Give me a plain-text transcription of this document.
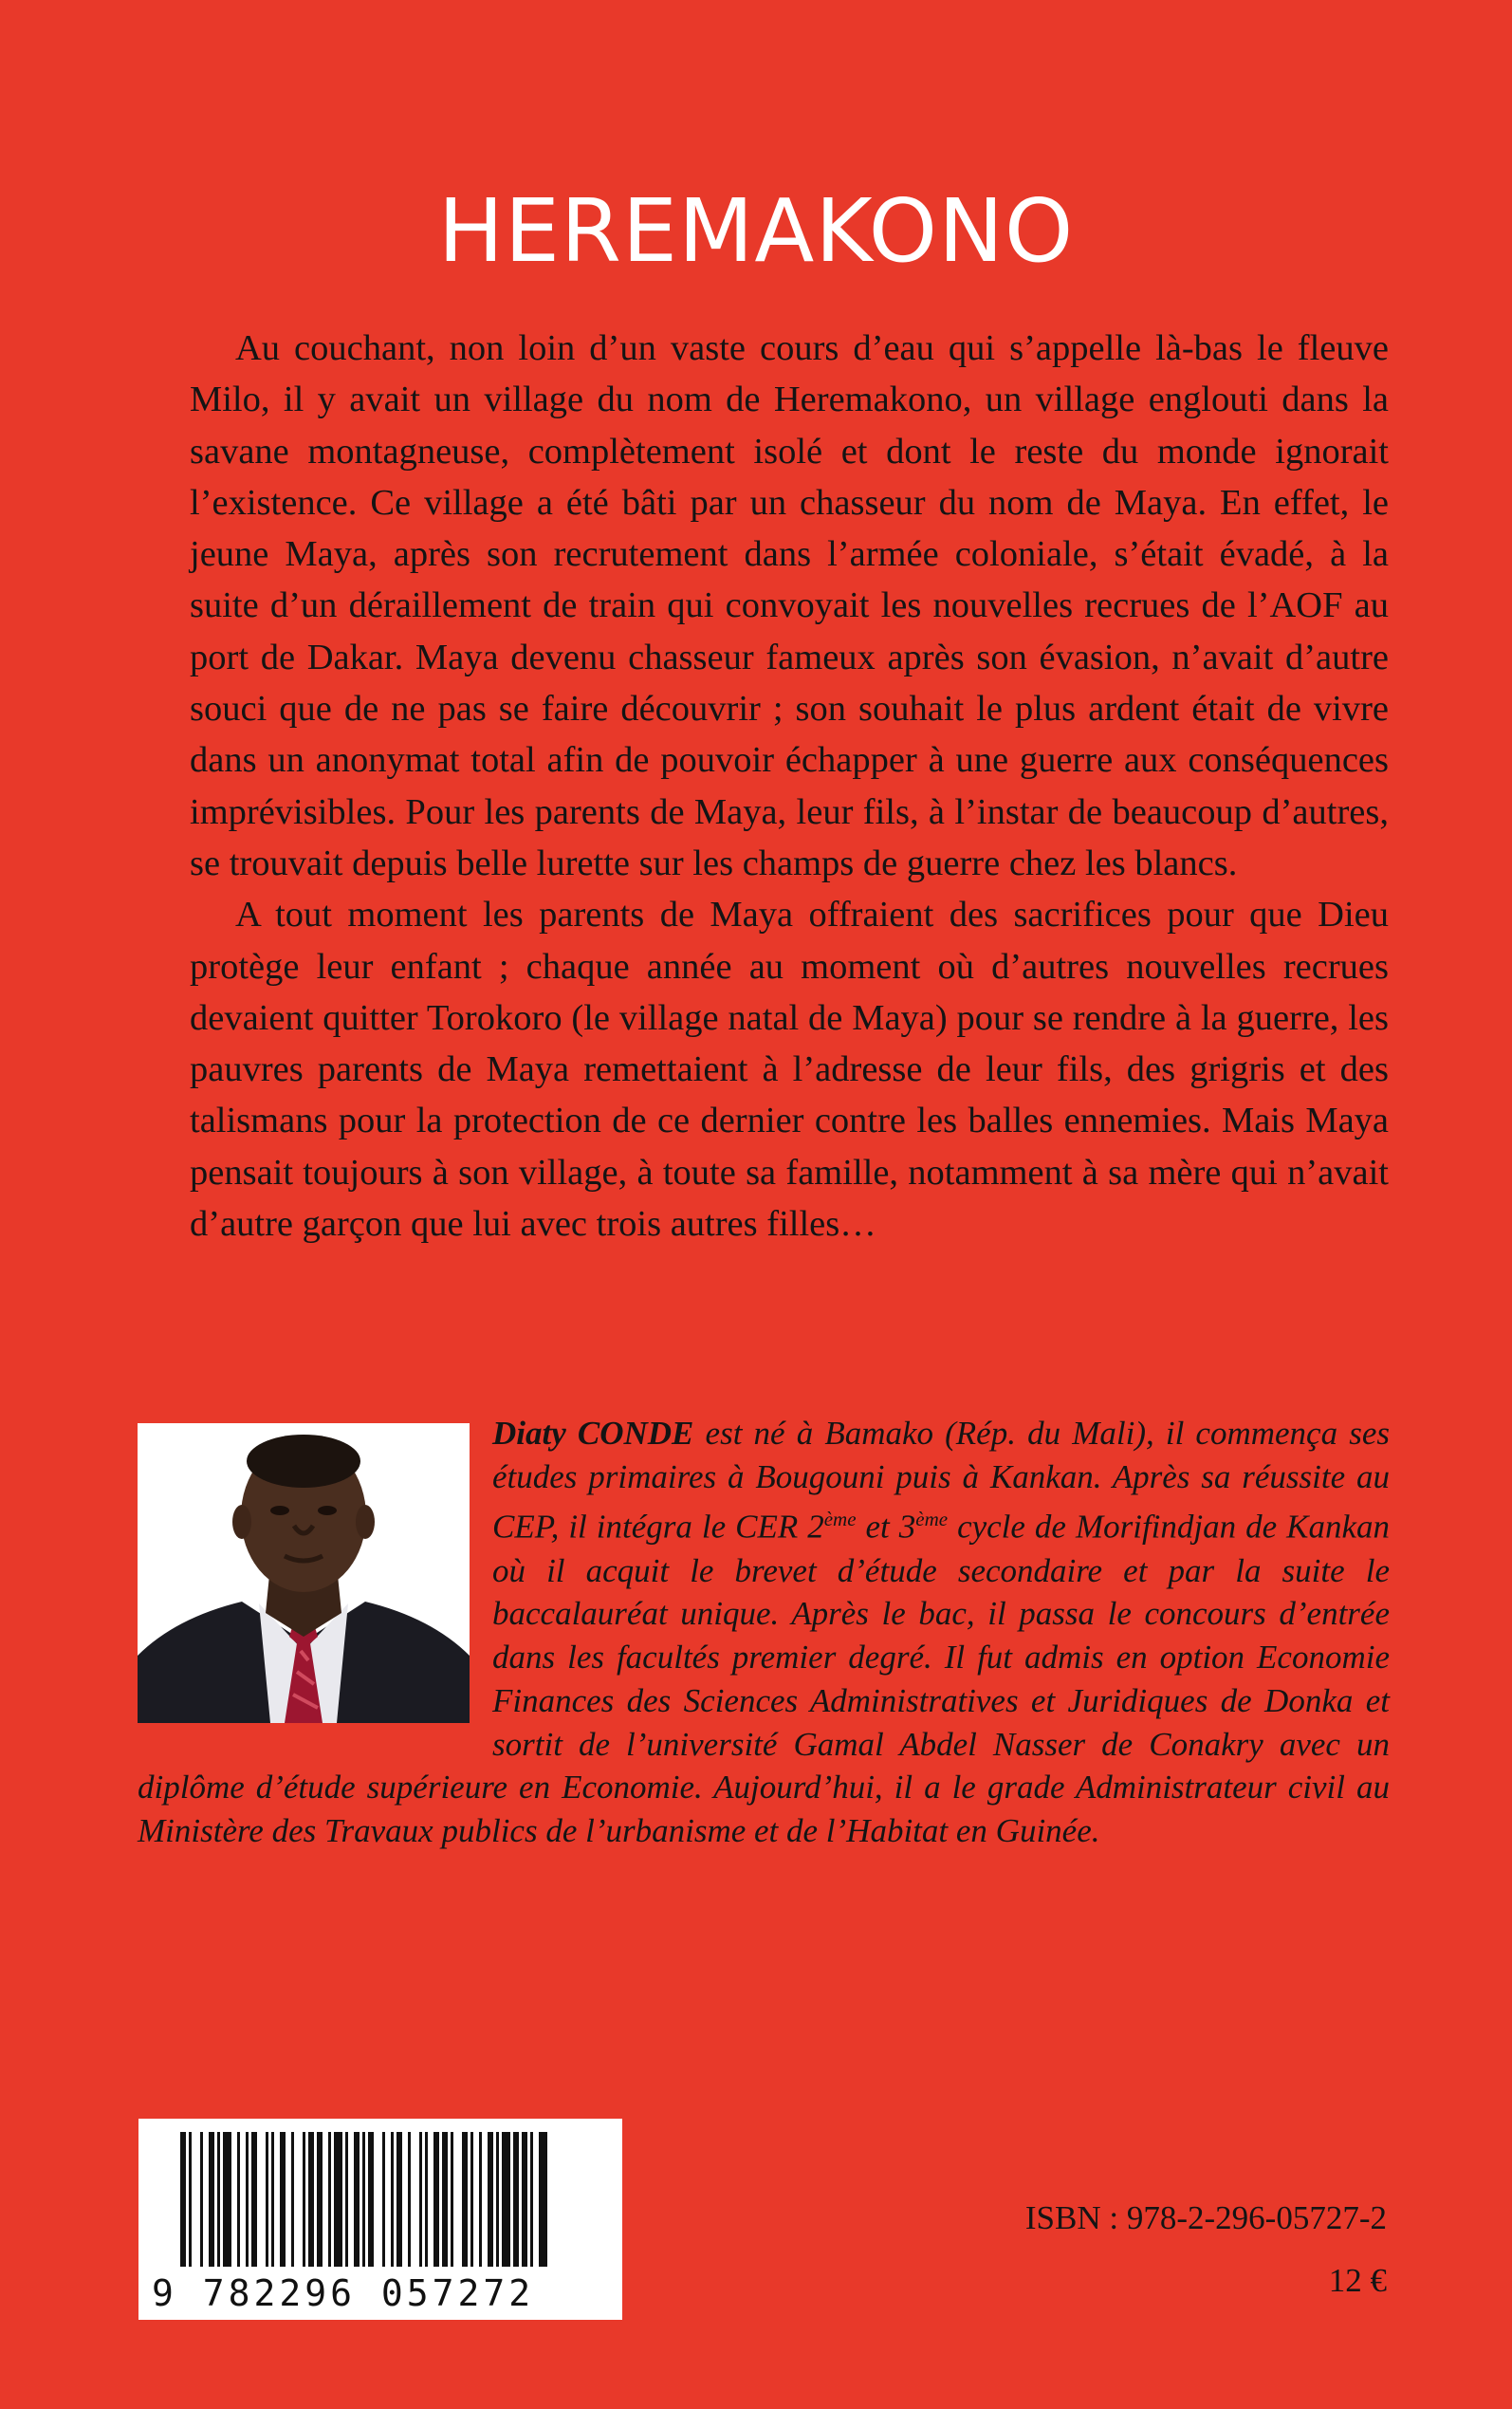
HEREMAKONO

Au couchant, non loin d’un vaste cours d’eau qui s’appelle là-bas le fleuve Milo, il y avait un village du nom de Heremakono, un village englouti dans la savane montagneuse, complètement isolé et dont le reste du monde ignorait l’existence. Ce village a été bâti par un chasseur du nom de Maya. En effet, le jeune Maya, après son recrutement dans l’armée coloniale, s’était évadé, à la suite d’un déraillement de train qui convoyait les nouvelles recrues de l’AOF au port de Dakar. Maya devenu chasseur fameux après son évasion, n’avait d’autre souci que de ne pas se faire découvrir ; son souhait le plus ardent était de vivre dans un anonymat total afin de pouvoir échapper à une guerre aux conséquences imprévisibles. Pour les parents de Maya, leur fils, à l’instar de beaucoup d’autres, se trouvait depuis belle lurette sur les champs de guerre chez les blancs.

A tout moment les parents de Maya offraient des sacrifices pour que Dieu protège leur enfant ; chaque année au moment où d’autres nouvelles recrues devaient quitter Torokoro (le village natal de Maya) pour se rendre à la guerre, les pauvres parents de Maya remettaient à l’adresse de leur fils, des grigris et des talismans pour la protection de ce dernier contre les balles ennemies. Mais Maya pensait toujours à son village, à toute sa famille, notamment à sa mère qui n’avait d’autre garçon que lui avec trois autres filles…

Diaty CONDE est né à Bamako (Rép. du Mali), il commença ses études primaires à Bougouni puis à Kankan. Après sa réussite au CEP, il intégra le CER 2ème et 3ème cycle de Morifindjan de Kankan où il acquit le brevet d’étude secondaire et par la suite le baccalauréat unique. Après le bac, il passa le concours d’entrée dans les facultés premier degré. Il fut admis en option Economie Finances des Sciences Administratives et Juridiques de Donka et sortit de l’université Gamal Abdel Nasser de Conakry avec un diplôme d’étude supérieure en Economie. Aujourd’hui, il a le grade Administrateur civil au Ministère des Travaux publics de l’urbanisme et de l’Habitat en Guinée.
9 782296 057272
ISBN : 978-2-296-05727-2
12 €
